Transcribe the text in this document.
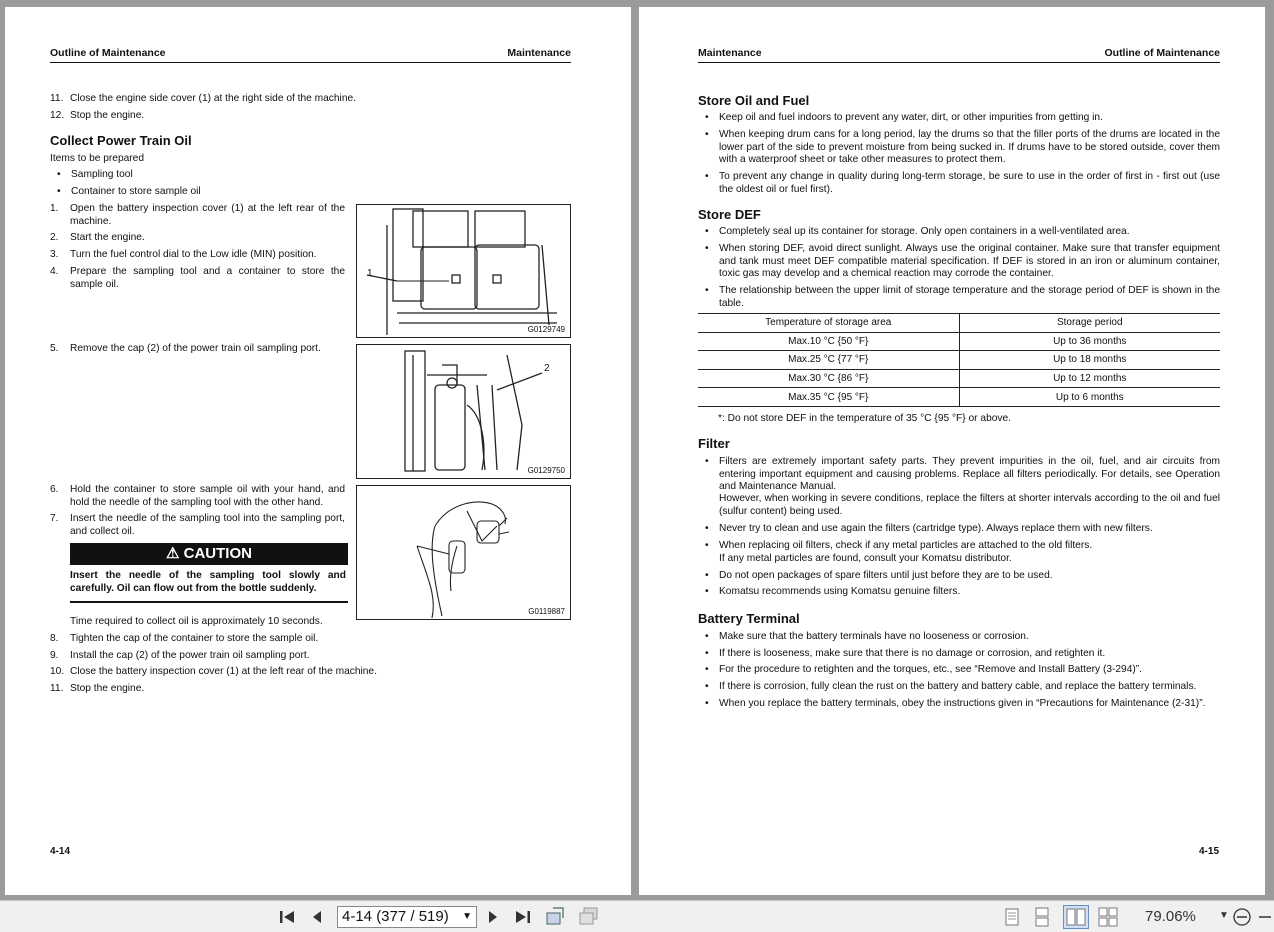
Outline of Maintenance	Maintenance
11. Close the engine side cover (1) at the right side of the machine.
12. Stop the engine.
Collect Power Train Oil
Items to be prepared
• Sampling tool
• Container to store sample oil
1. Open the battery inspection cover (1) at the left rear of the machine.
2. Start the engine.
3. Turn the fuel control dial to the Low idle (MIN) position.
4. Prepare the sampling tool and a container to store the sample oil.
1
G0129749
5. Remove the cap (2) of the power train oil sampling port.
2
G0129750
6. Hold the container to store sample oil with your hand, and hold the needle of the sampling tool with the other hand.
7. Insert the needle of the sampling tool into the sampling port, and collect oil.
G0119887
⚠ CAUTION
Insert the needle of the sampling tool slowly and carefully. Oil can flow out from the bottle suddenly.
Time required to collect oil is approximately 10 seconds.
8. Tighten the cap of the container to store the sample oil.
9. Install the cap (2) of the power train oil sampling port.
10. Close the battery inspection cover (1) at the left rear of the machine.
11. Stop the engine.
4-14
Maintenance	Outline of Maintenance
Store Oil and Fuel
• Keep oil and fuel indoors to prevent any water, dirt, or other impurities from getting in.
• When keeping drum cans for a long period, lay the drums so that the filler ports of the drums are located in the lower part of the side to prevent moisture from being sucked in. If drums have to be stored outside, cover them with a waterproof sheet or take other measures to protect them.
• To prevent any change in quality during long-term storage, be sure to use in the order of first in - first out (use the oldest oil or fuel first).
Store DEF
• Completely seal up its container for storage. Only open containers in a well-ventilated area.
• When storing DEF, avoid direct sunlight. Always use the original container. Make sure that transfer equipment and tank must meet DEF compatible material specification. If DEF is stored in an iron or aluminum container, toxic gas may develop and a chemical reaction may corrode the container.
• The relationship between the upper limit of storage temperature and the storage period of DEF is shown in the table.
Temperature of storage area	Storage period
Max.10 °C {50 °F}	Up to 36 months
Max.25 °C {77 °F}	Up to 18 months
Max.30 °C {86 °F}	Up to 12 months
Max.35 °C {95 °F}	Up to 6 months
*: Do not store DEF in the temperature of 35 °C {95 °F} or above.
Filter
• Filters are extremely important safety parts. They prevent impurities in the oil, fuel, and air circuits from entering important equipment and causing problems. Replace all filters periodically. For details, see Operation and Maintenance Manual.
However, when working in severe conditions, replace the filters at shorter intervals according to the oil and fuel (sulfur content) being used.
• Never try to clean and use again the filters (cartridge type). Always replace them with new filters.
• When replacing oil filters, check if any metal particles are attached to the old filters.
If any metal particles are found, consult your Komatsu distributor.
• Do not open packages of spare filters until just before they are to be used.
• Komatsu recommends using Komatsu genuine filters.
Battery Terminal
• Make sure that the battery terminals have no looseness or corrosion.
• If there is looseness, make sure that there is no damage or corrosion, and retighten it.
• For the procedure to retighten and the torques, etc., see “Remove and Install Battery (3-294)”.
• If there is corrosion, fully clean the rust on the battery and battery cable, and replace the battery terminals.
• When you replace the battery terminals, obey the instructions given in “Precautions for Maintenance (2-31)”.
4-15
4-14 (377 / 519) ▼	79.06% ▼
